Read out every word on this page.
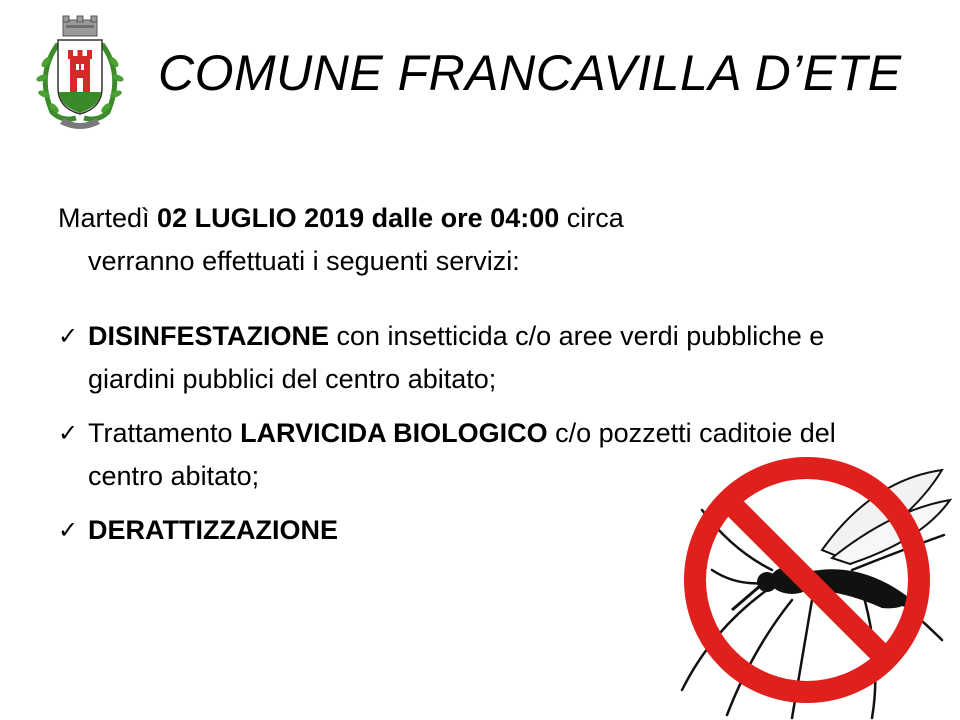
COMUNE FRANCAVILLA D’ETE
Martedì 02 LUGLIO 2019 dalle ore 04:00 circa
verranno effettuati i seguenti servizi:
✓ DISINFESTAZIONE con insetticida c/o aree verdi pubbliche e giardini pubblici del centro abitato;
✓ Trattamento LARVICIDA BIOLOGICO c/o pozzetti caditoie del centro abitato;
✓ DERATTIZZAZIONE
